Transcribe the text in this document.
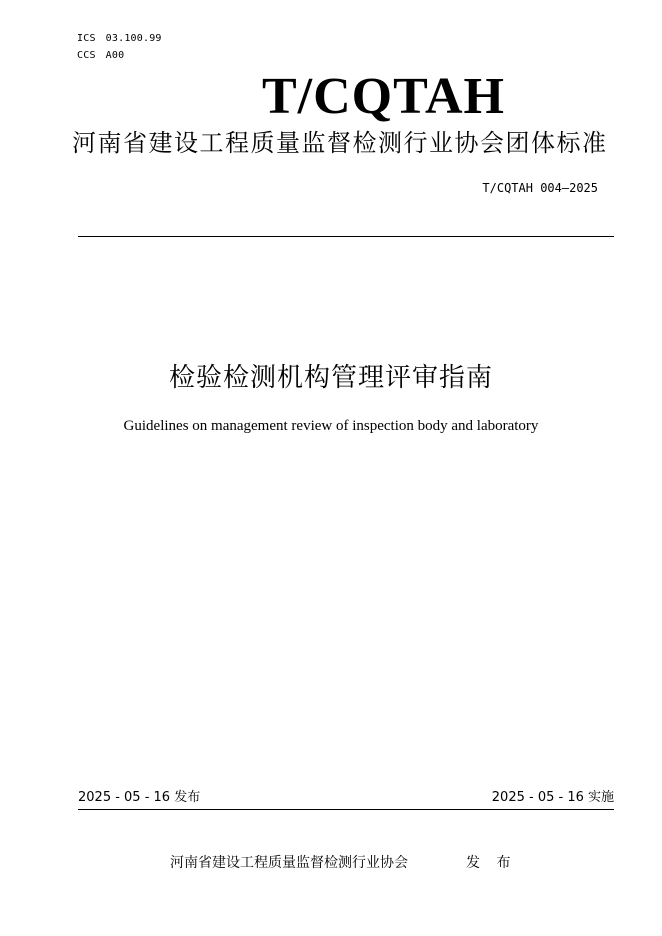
ICS 03.100.99
CCS A00
T/CQTAH
河南省建设工程质量监督检测行业协会团体标准
T/CQTAH 004—2025
检验检测机构管理评审指南
Guidelines on management review of inspection body and laboratory
2025 - 05 - 16 发布	2025 - 05 - 16 实施
河南省建设工程质量监督检测行业协会	发 布
